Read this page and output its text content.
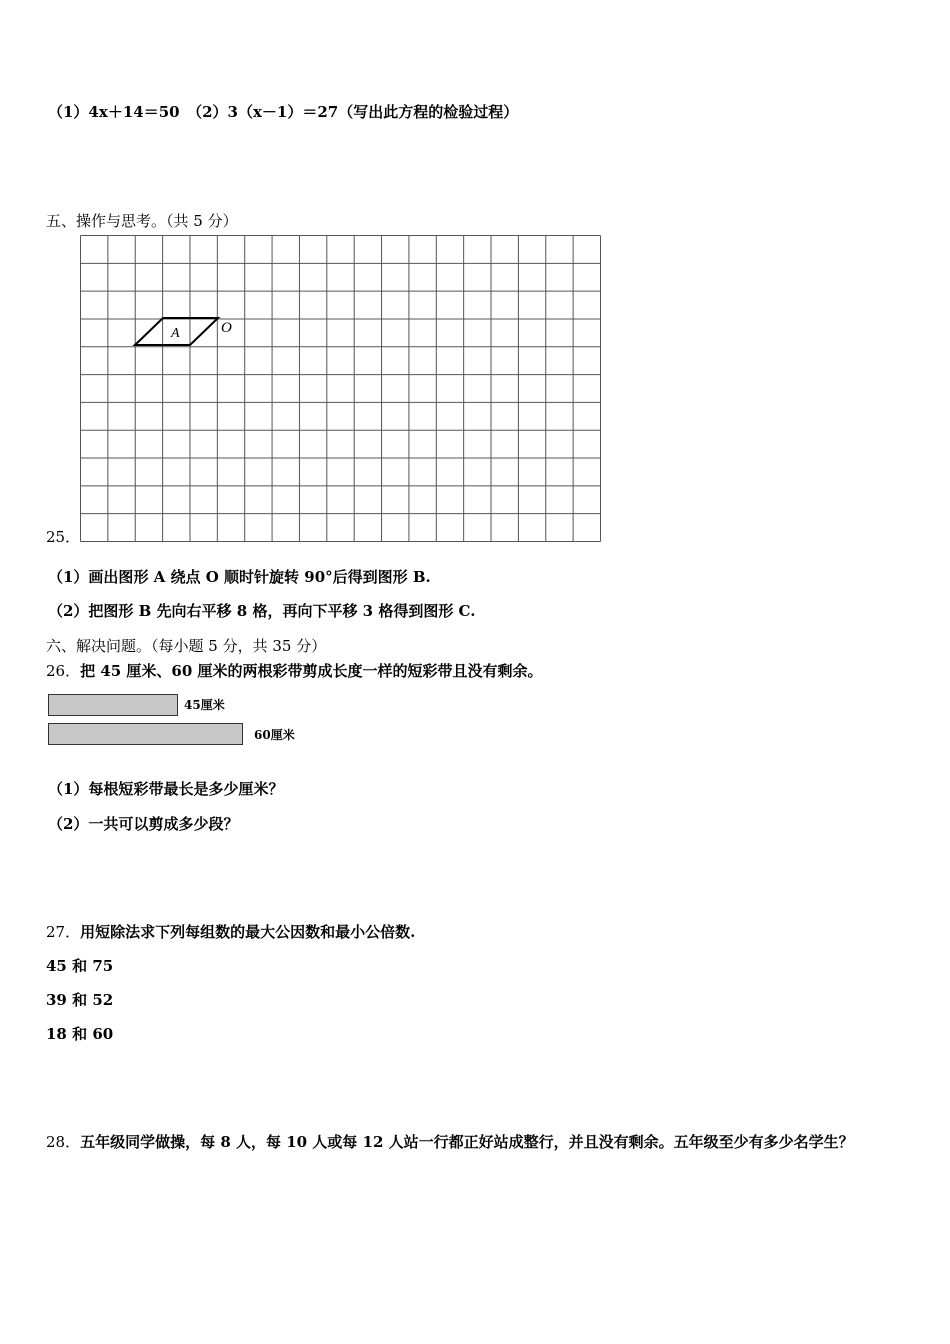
（1）4x＋14＝50　（2）3（x－1）＝27（写出此方程的检验过程）
五、操作与思考。（共 5 分）
A	O
25．
（1）画出图形 A 绕点 O 顺时针旋转 90°后得到图形 B.
（2）把图形 B 先向右平移 8 格，再向下平移 3 格得到图形 C.
六、解决问题。（每小题 5 分，共 35 分）
26．把 45 厘米、60 厘米的两根彩带剪成长度一样的短彩带且没有剩余。
45厘米
60厘米
（1）每根短彩带最长是多少厘米？
（2）一共可以剪成多少段？
27．用短除法求下列每组数的最大公因数和最小公倍数.
45 和 75
39 和 52
18 和 60
28．五年级同学做操，每 8 人，每 10 人或每 12 人站一行都正好站成整行，并且没有剩余。五年级至少有多少名学生？
